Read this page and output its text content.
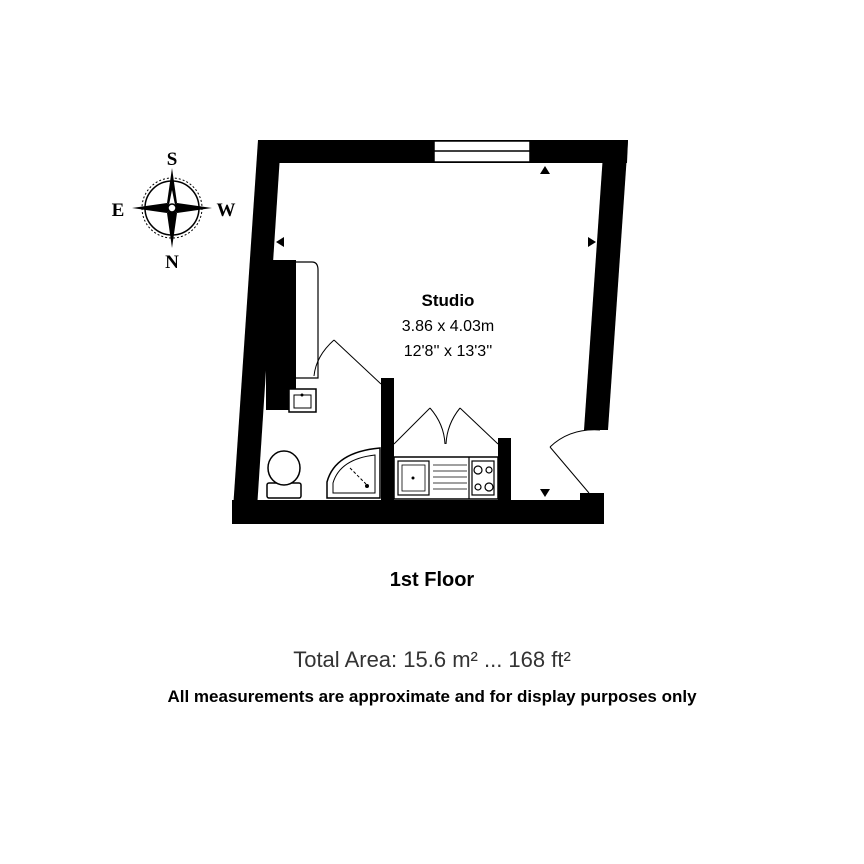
S
N
E	W
Studio
3.86 x 4.03m
12'8'' x 13'3''
1st Floor
Total Area: 15.6 m² ... 168 ft²
All measurements are approximate and for display purposes only
